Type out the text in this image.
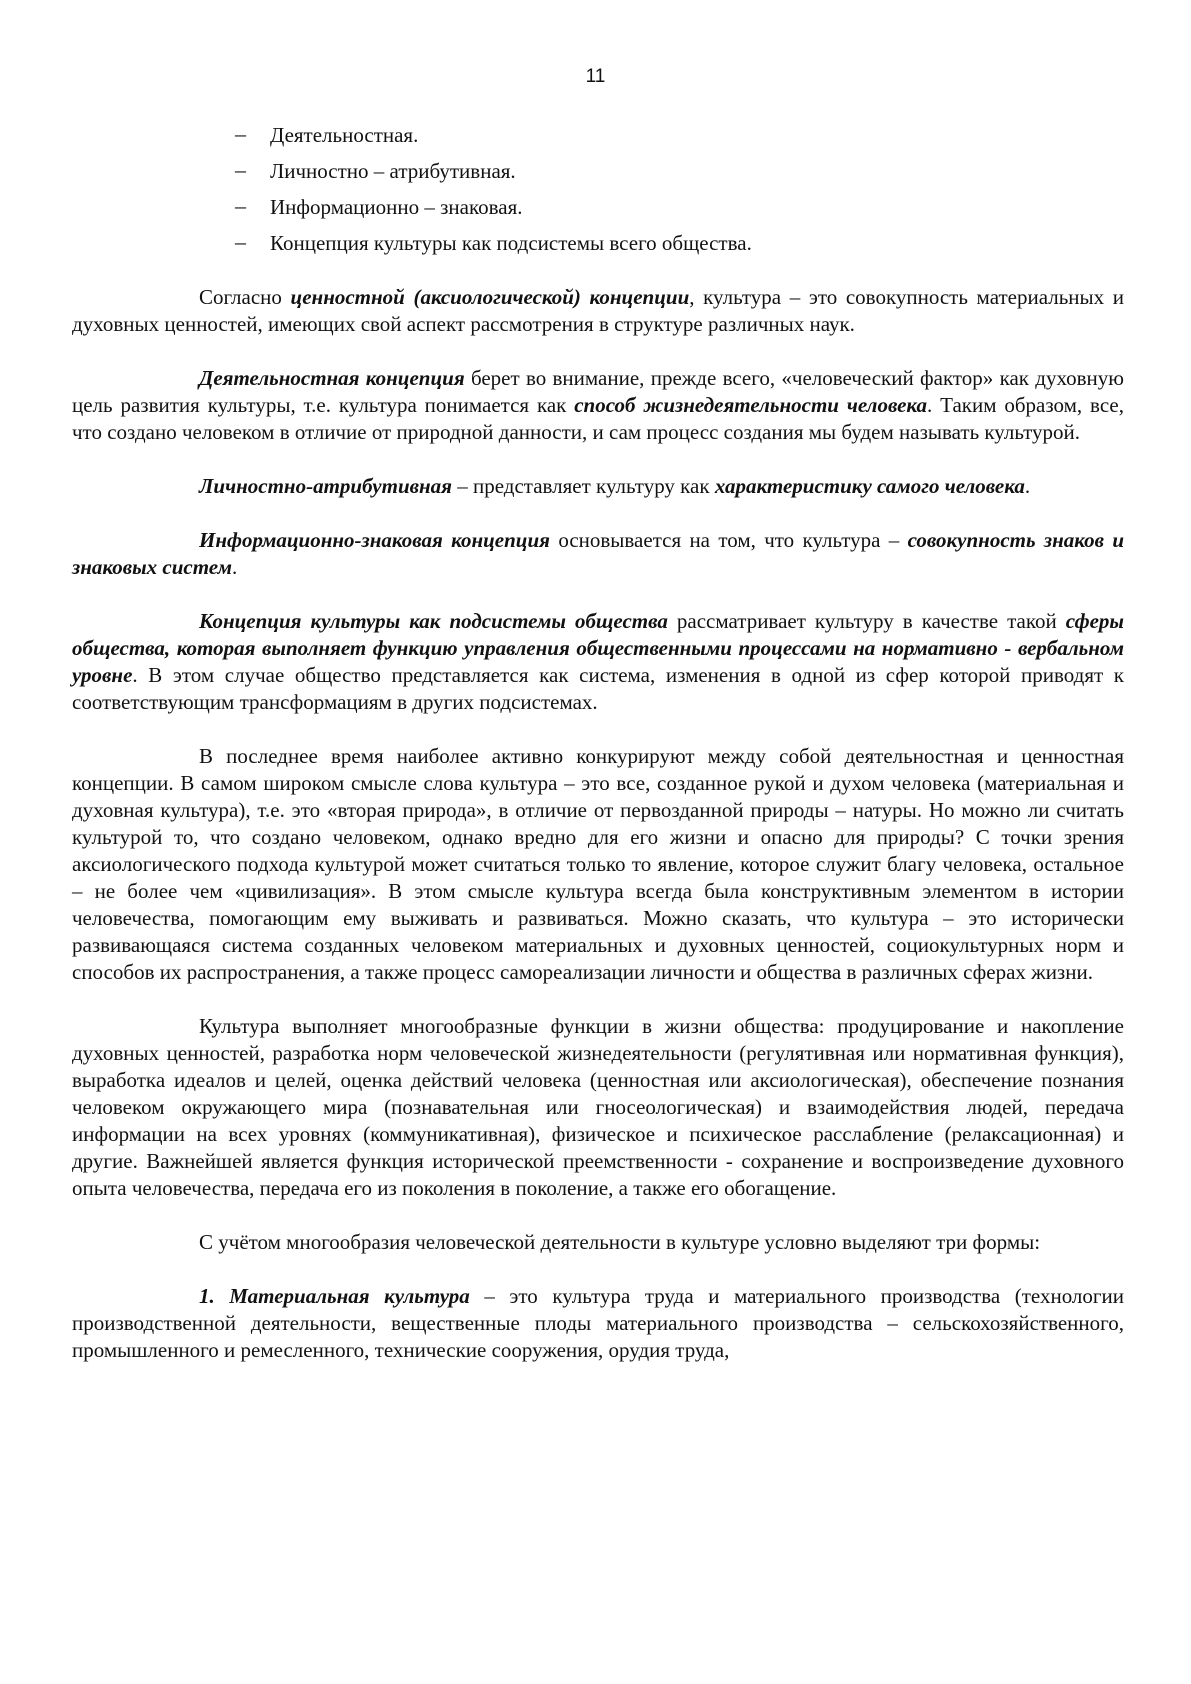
11
– Деятельностная.
– Личностно – атрибутивная.
– Информационно – знаковая.
– Концепция культуры как подсистемы всего общества.

Согласно ценностной (аксиологической) концепции, культура – это совокупность материальных и духовных ценностей, имеющих свой аспект рассмотрения в структуре различных наук.

Деятельностная концепция берет во внимание, прежде всего, «человеческий фактор» как духовную цель развития культуры, т.е. культура понимается как способ жизнедеятельности человека. Таким образом, все, что создано человеком в отличие от природной данности, и сам процесс создания мы будем называть культурой.

Личностно-атрибутивная – представляет культуру как характеристику самого человека.

Информационно-знаковая концепция основывается на том, что культура – совокупность знаков и знаковых систем.

Концепция культуры как подсистемы общества рассматривает культуру в качестве такой сферы общества, которая выполняет функцию управления общественными процессами на нормативно - вербальном уровне. В этом случае общество представляется как система, изменения в одной из сфер которой приводят к соответствующим трансформациям в других подсистемах.

В последнее время наиболее активно конкурируют между собой деятельностная и ценностная концепции. В самом широком смысле слова культура – это все, созданное рукой и духом человека (материальная и духовная культура), т.е. это «вторая природа», в отличие от первозданной природы – натуры. Но можно ли считать культурой то, что создано человеком, однако вредно для его жизни и опасно для природы? С точки зрения аксиологического подхода культурой может считаться только то явление, которое служит благу человека, остальное – не более чем «цивилизация». В этом смысле культура всегда была конструктивным элементом в истории человечества, помогающим ему выживать и развиваться. Можно сказать, что культура – это исторически развивающаяся система созданных человеком материальных и духовных ценностей, социокультурных норм и способов их распространения, а также процесс самореализации личности и общества в различных сферах жизни.

Культура выполняет многообразные функции в жизни общества: продуцирование и накопление духовных ценностей, разработка норм человеческой жизнедеятельности (регулятивная или нормативная функция), выработка идеалов и целей, оценка действий человека (ценностная или аксиологическая), обеспечение познания человеком окружающего мира (познавательная или гносеологическая) и взаимодействия людей, передача информации на всех уровнях (коммуникативная), физическое и психическое расслабление (релаксационная) и другие. Важнейшей является функция исторической преемственности - сохранение и воспроизведение духовного опыта человечества, передача его из поколения в поколение, а также его обогащение.

С учётом многообразия человеческой деятельности в культуре условно выделяют три формы:

1. Материальная культура – это культура труда и материального производства (технологии производственной деятельности, вещественные плоды материального производства – сельскохозяйственного, промышленного и ремесленного, технические сооружения, орудия труда,
